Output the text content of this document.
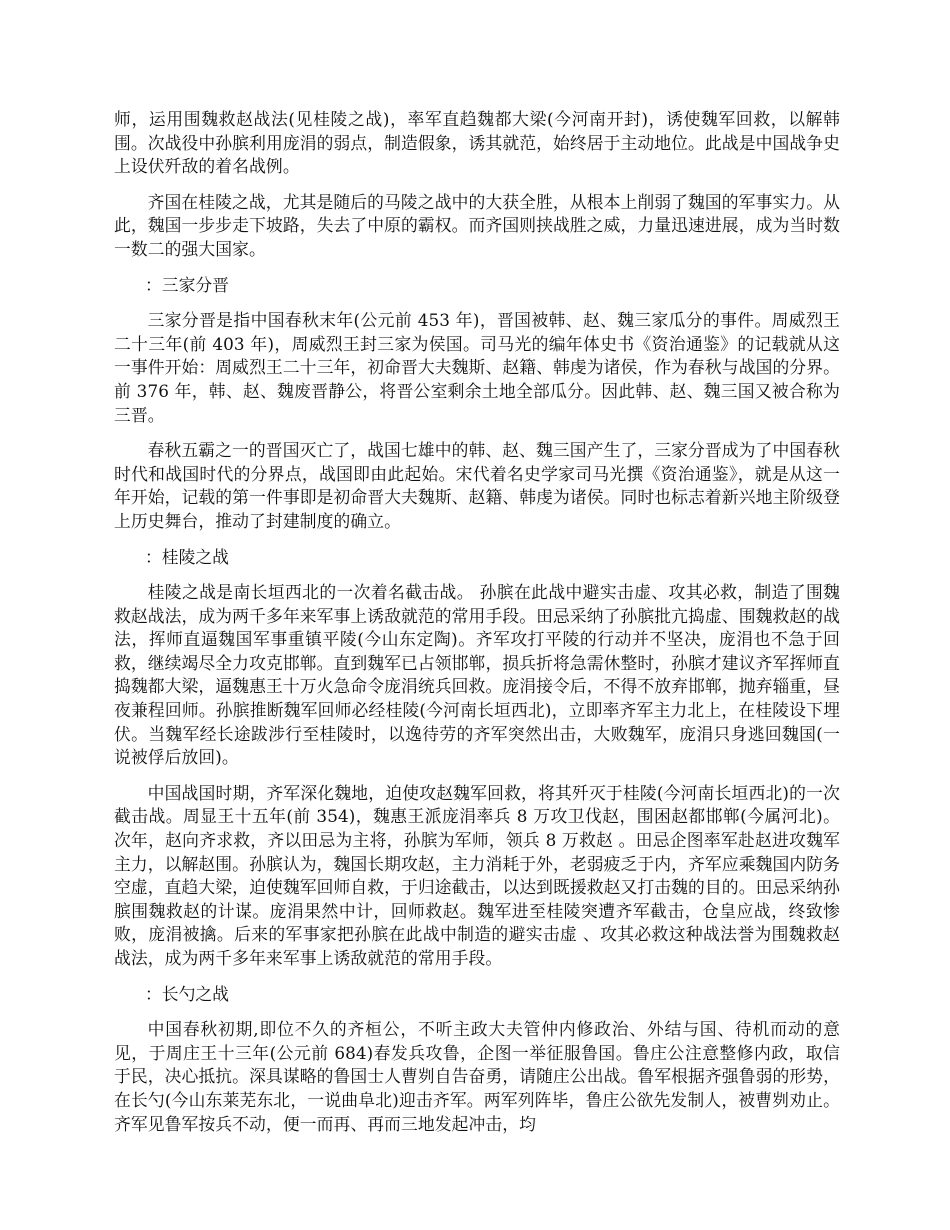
师，运用围魏救赵战法(见桂陵之战)，率军直趋魏都大梁(今河南开封)，诱使魏军回救，以解韩围。次战役中孙膑利用庞涓的弱点，制造假象，诱其就范，始终居于主动地位。此战是中国战争史上设伏歼敌的着名战例。

齐国在桂陵之战，尤其是随后的马陵之战中的大获全胜，从根本上削弱了魏国的军事实力。从此，魏国一步步走下坡路，失去了中原的霸权。而齐国则挟战胜之威，力量迅速进展，成为当时数一数二的强大国家。

：三家分晋

三家分晋是指中国春秋末年(公元前 453 年)，晋国被韩、赵、魏三家瓜分的事件。周威烈王二十三年(前 403 年)，周威烈王封三家为侯国。司马光的编年体史书《资治通鉴》的记载就从这一事件开始：周威烈王二十三年，初命晋大夫魏斯、赵籍、韩虔为诸侯，作为春秋与战国的分界。前 376 年，韩、赵、魏废晋静公，将晋公室剩余土地全部瓜分。因此韩、赵、魏三国又被合称为三晋。

春秋五霸之一的晋国灭亡了，战国七雄中的韩、赵、魏三国产生了，三家分晋成为了中国春秋时代和战国时代的分界点，战国即由此起始。宋代着名史学家司马光撰《资治通鉴》，就是从这一年开始，记载的第一件事即是初命晋大夫魏斯、赵籍、韩虔为诸侯。同时也标志着新兴地主阶级登上历史舞台，推动了封建制度的确立。

：桂陵之战

桂陵之战是南长垣西北的一次着名截击战。 孙膑在此战中避实击虚、攻其必救，制造了围魏救赵战法，成为两千多年来军事上诱敌就范的常用手段。田忌采纳了孙膑批亢捣虚、围魏救赵的战法，挥师直逼魏国军事重镇平陵(今山东定陶)。齐军攻打平陵的行动并不坚决，庞涓也不急于回救，继续竭尽全力攻克邯郸。直到魏军已占领邯郸，损兵折将急需休整时，孙膑才建议齐军挥师直捣魏都大梁，逼魏惠王十万火急命令庞涓统兵回救。庞涓接令后，不得不放弃邯郸，抛弃辎重，昼夜兼程回师。孙膑推断魏军回师必经桂陵(今河南长垣西北)，立即率齐军主力北上，在桂陵设下埋伏。当魏军经长途跋涉行至桂陵时，以逸待劳的齐军突然出击，大败魏军，庞涓只身逃回魏国(一说被俘后放回)。

中国战国时期，齐军深化魏地，迫使攻赵魏军回救，将其歼灭于桂陵(今河南长垣西北)的一次截击战。周显王十五年(前 354)，魏惠王派庞涓率兵 8 万攻卫伐赵，围困赵都邯郸(今属河北)。次年，赵向齐求救，齐以田忌为主将，孙膑为军师，领兵 8 万救赵 。田忌企图率军赴赵进攻魏军主力，以解赵围。孙膑认为，魏国长期攻赵，主力消耗于外，老弱疲乏于内，齐军应乘魏国内防务空虚，直趋大梁，迫使魏军回师自救，于归途截击，以达到既援救赵又打击魏的目的。田忌采纳孙膑围魏救赵的计谋。庞涓果然中计，回师救赵。魏军进至桂陵突遭齐军截击，仓皇应战，终致惨败，庞涓被擒。后来的军事家把孙膑在此战中制造的避实击虚 、攻其必救这种战法誉为围魏救赵战法，成为两千多年来军事上诱敌就范的常用手段。

：长勺之战

中国春秋初期,即位不久的齐桓公，不听主政大夫管仲内修政治、外结与国、待机而动的意见，于周庄王十三年(公元前 684)春发兵攻鲁，企图一举征服鲁国。鲁庄公注意整修内政，取信于民，决心抵抗。深具谋略的鲁国士人曹刿自告奋勇，请随庄公出战。鲁军根据齐强鲁弱的形势， 在长勺(今山东莱芜东北，一说曲阜北)迎击齐军。两军列阵毕，鲁庄公欲先发制人，被曹刿劝止。齐军见鲁军按兵不动，便一而再、再而三地发起冲击，均
